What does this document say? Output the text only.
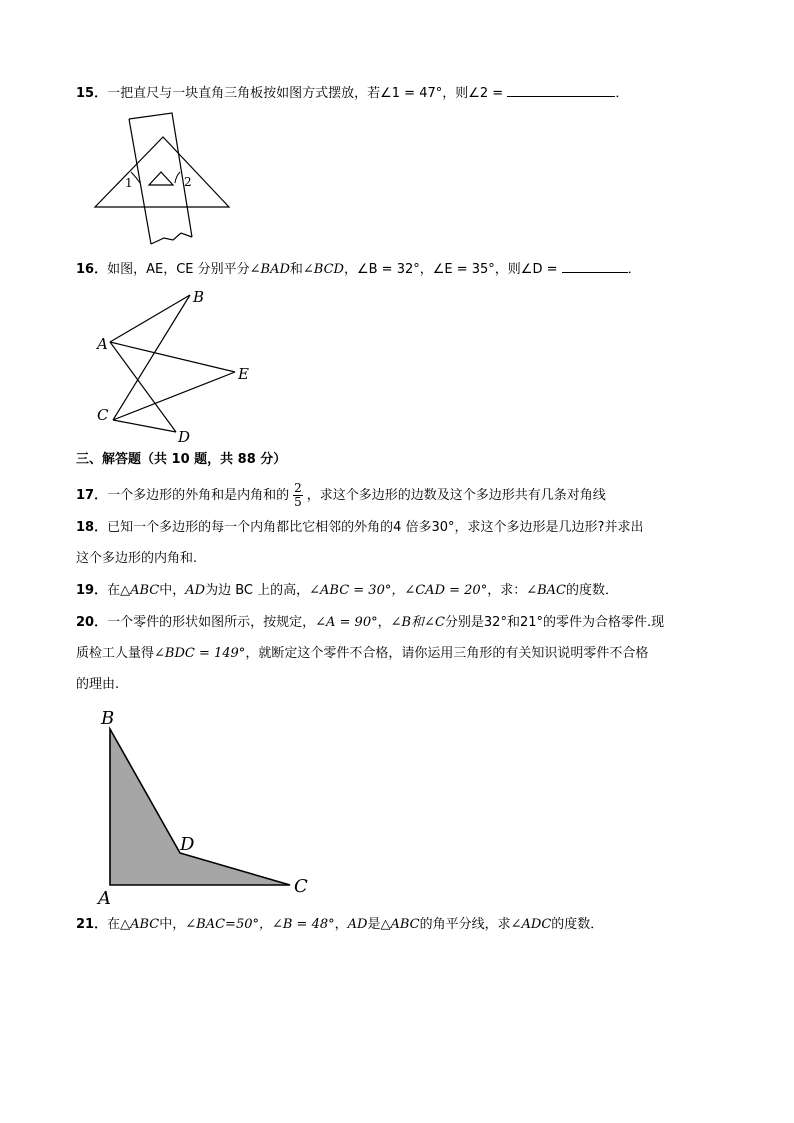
15．一把直尺与一块直角三角板按如图方式摆放，若∠1 = 47°，则∠2 =	．
1	2
16．如图，AE，CE 分别平分∠BAD和∠BCD，∠B = 32°，∠E = 35°，则∠D =	．
A
B
C
D
E
三、解答题（共 10 题，共 88 分）
17．一个多边形的外角和是内角和的 $\frac{2}{5}$ ，求这个多边形的边数及这个多边形共有几条对角线
18．已知一个多边形的每一个内角都比它相邻的外角的4 倍多30°，求这个多边形是几边形?并求出
这个多边形的内角和.
19．在△ABC中，AD为边 BC 上的高，∠ABC = 30°，∠CAD = 20°，求：∠BAC的度数．
20．一个零件的形状如图所示，按规定，∠A = 90°，∠B和∠C分别是32°和21°的零件为合格零件.现
质检工人量得∠BDC = 149°，就断定这个零件不合格，请你运用三角形的有关知识说明零件不合格
的理由.
B
A
D
C
21．在△ABC中，∠BAC=50°，∠B = 48°，AD是△ABC的角平分线，求∠ADC的度数．
